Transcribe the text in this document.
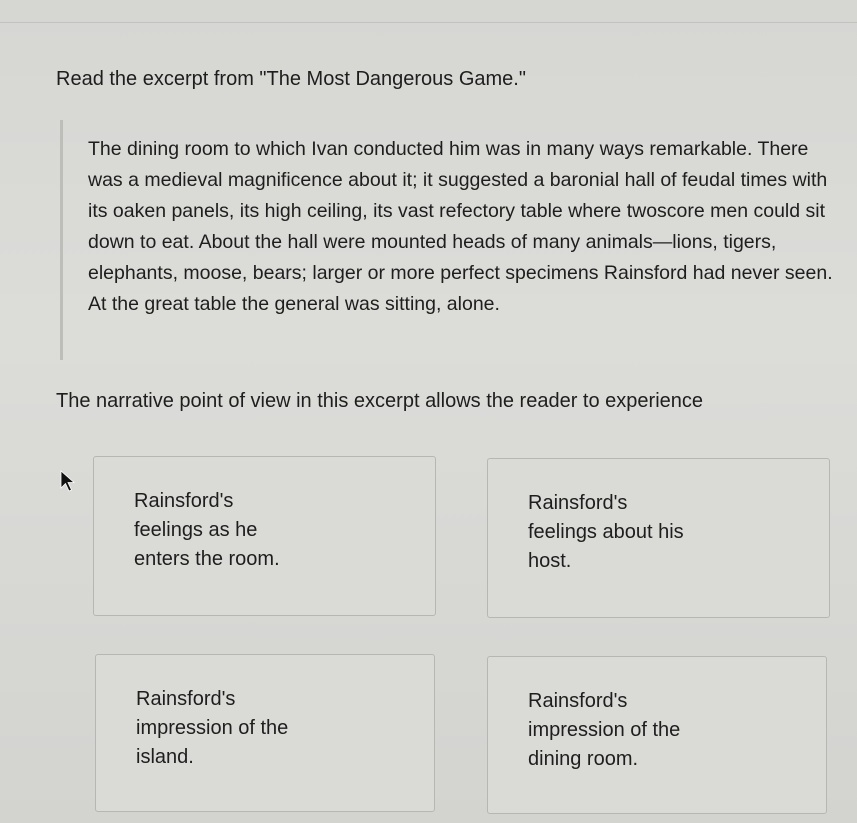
Read the excerpt from "The Most Dangerous Game."

The dining room to which Ivan conducted him was in many ways remarkable. There was a medieval magnificence about it; it suggested a baronial hall of feudal times with its oaken panels, its high ceiling, its vast refectory table where twoscore men could sit down to eat. About the hall were mounted heads of many animals—lions, tigers, elephants, moose, bears; larger or more perfect specimens Rainsford had never seen. At the great table the general was sitting, alone.

The narrative point of view in this excerpt allows the reader to experience

Rainsford's
feelings as he
enters the room.
Rainsford's
feelings about his
host.
Rainsford's
impression of the
island.
Rainsford's
impression of the
dining room.
